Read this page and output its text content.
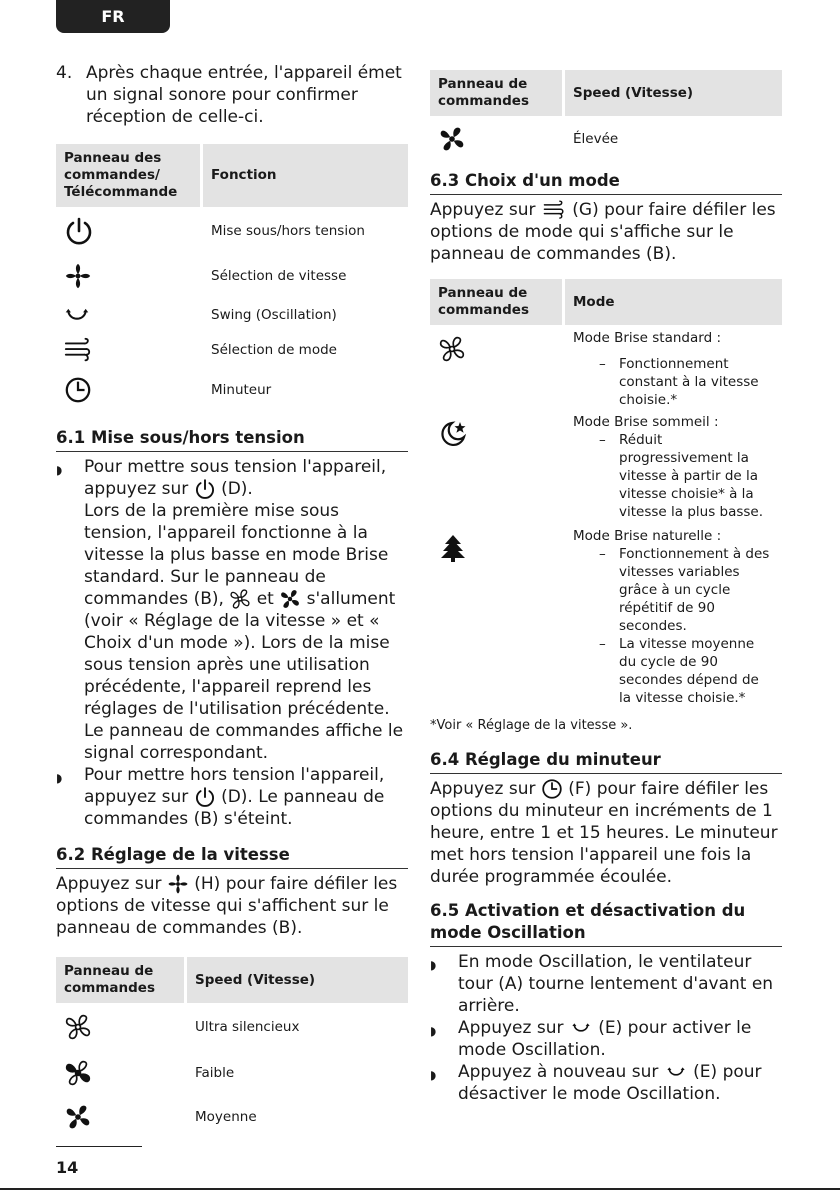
FR
4. Après chaque entrée, l'appareil émet un signal sonore pour confirmer réception de celle-ci.
Panneau des commandes/ Télécommande	Fonction
	Mise sous/hors tension
	Sélection de vitesse
	Swing (Oscillation)
	Sélection de mode
	Minuteur
6.1 Mise sous/hors tension
◗	Pour mettre sous tension l'appareil, appuyez sur (D).
Lors de la première mise sous tension, l'appareil fonctionne à la vitesse la plus basse en mode Brise standard. Sur le panneau de commandes (B), et s'allument (voir « Réglage de la vitesse » et « Choix d'un mode »). Lors de la mise sous tension après une utilisation précédente, l'appareil reprend les réglages de l'utilisation précédente. Le panneau de commandes affiche le signal correspondant.
◗	Pour mettre hors tension l'appareil, appuyez sur (D). Le panneau de commandes (B) s'éteint.
6.2 Réglage de la vitesse
Appuyez sur (H) pour faire défiler les options de vitesse qui s'affichent sur le panneau de commandes (B).
Panneau de commandes	Speed (Vitesse)
	Ultra silencieux
	Faible
	Moyenne
Panneau de commandes	Speed (Vitesse)
	Élevée
6.3 Choix d'un mode
Appuyez sur (G) pour faire défiler les options de mode qui s'affiche sur le panneau de commandes (B).
Panneau de commandes	Mode

Mode Brise standard :
– Fonctionnement constant à la vitesse choisie.*

Mode Brise sommeil :
– Réduit progressivement la vitesse à partir de la vitesse choisie* à la vitesse la plus basse.

Mode Brise naturelle :
– Fonctionnement à des vitesses variables grâce à un cycle répétitif de 90 secondes.
– La vitesse moyenne du cycle de 90 secondes dépend de la vitesse choisie.*
*Voir « Réglage de la vitesse ».
6.4 Réglage du minuteur
Appuyez sur (F) pour faire défiler les options du minuteur en incréments de 1 heure, entre 1 et 15 heures. Le minuteur met hors tension l'appareil une fois la durée programmée écoulée.
6.5 Activation et désactivation du mode Oscillation
◗	En mode Oscillation, le ventilateur tour (A) tourne lentement d'avant en arrière.
◗	Appuyez sur (E) pour activer le mode Oscillation.
◗	Appuyez à nouveau sur (E) pour désactiver le mode Oscillation.
14
